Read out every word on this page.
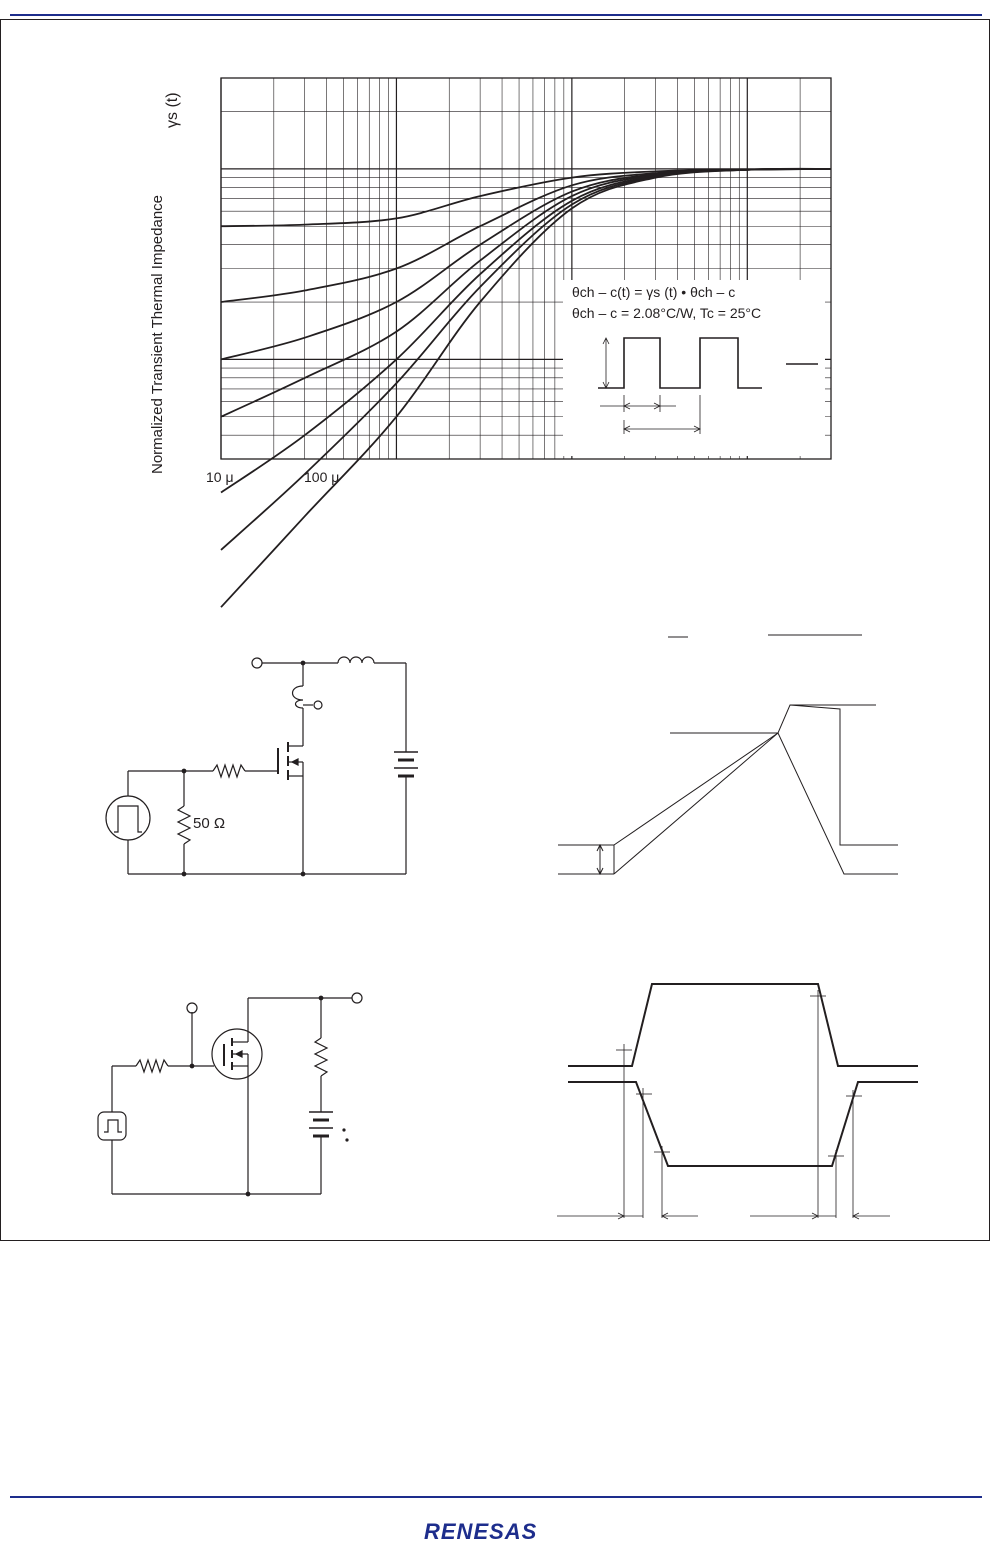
θch – c(t) = γs (t) • θch – c
θch – c = 2.08°C/W, Tc = 25°C
10 μ	100 μ
Normalized Transient Thermal Impedance
γs (t)
50 Ω
RENESAS
